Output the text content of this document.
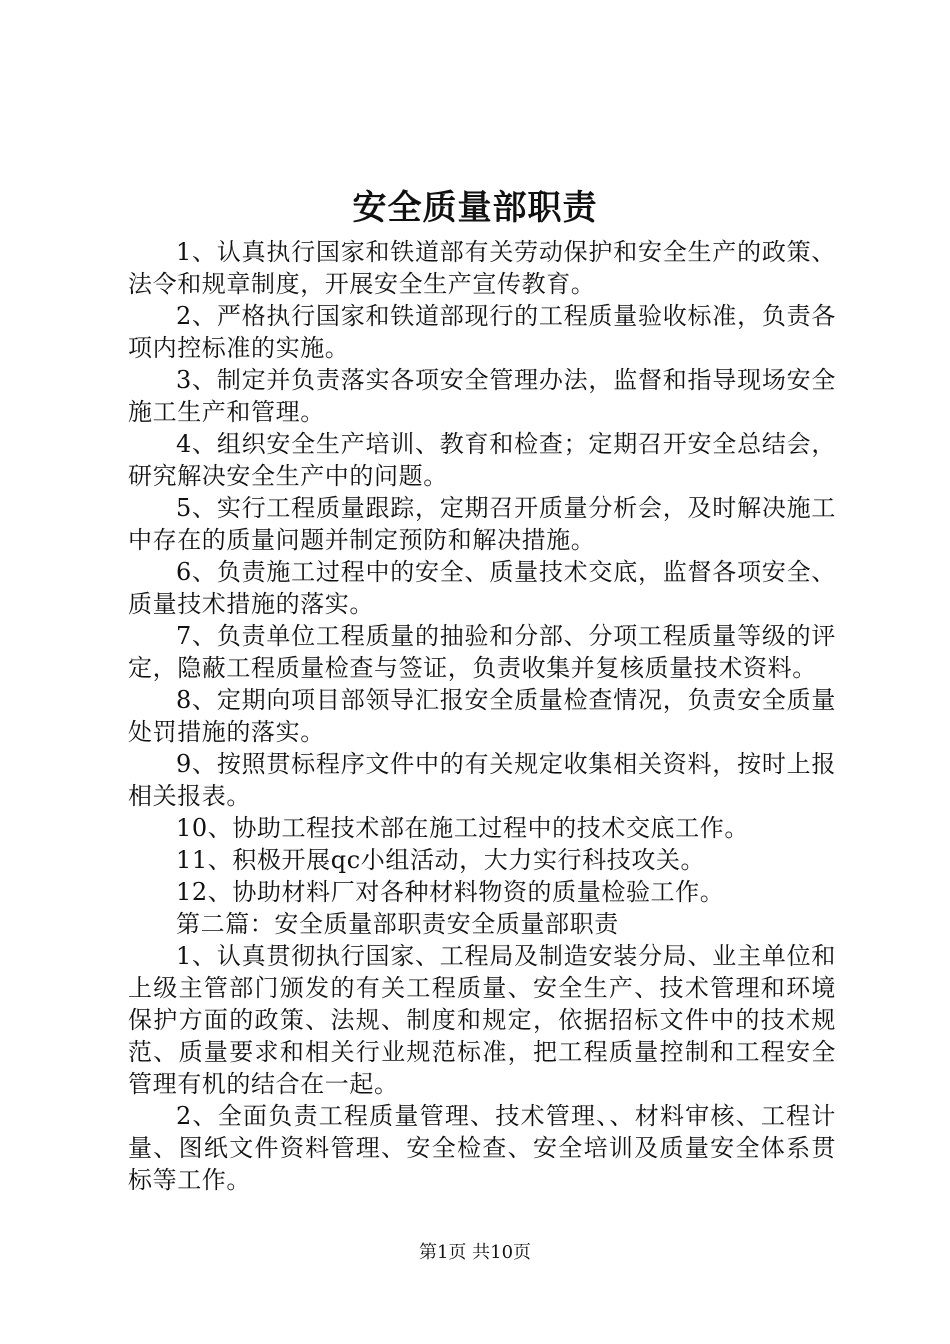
安全质量部职责

1、认真执行国家和铁道部有关劳动保护和安全生产的政策、法令和规章制度，开展安全生产宣传教育。

2、严格执行国家和铁道部现行的工程质量验收标准，负责各项内控标准的实施。

3、制定并负责落实各项安全管理办法，监督和指导现场安全施工生产和管理。

4、组织安全生产培训、教育和检查；定期召开安全总结会，研究解决安全生产中的问题。

5、实行工程质量跟踪，定期召开质量分析会，及时解决施工中存在的质量问题并制定预防和解决措施。

6、负责施工过程中的安全、质量技术交底，监督各项安全、质量技术措施的落实。

7、负责单位工程质量的抽验和分部、分项工程质量等级的评定，隐蔽工程质量检查与签证，负责收集并复核质量技术资料。

8、定期向项目部领导汇报安全质量检查情况，负责安全质量处罚措施的落实。

9、按照贯标程序文件中的有关规定收集相关资料，按时上报相关报表。

10、协助工程技术部在施工过程中的技术交底工作。

11、积极开展qc小组活动，大力实行科技攻关。

12、协助材料厂对各种材料物资的质量检验工作。

第二篇：安全质量部职责安全质量部职责

1、认真贯彻执行国家、工程局及制造安装分局、业主单位和上级主管部门颁发的有关工程质量、安全生产、技术管理和环境保护方面的政策、法规、制度和规定，依据招标文件中的技术规范、质量要求和相关行业规范标准，把工程质量控制和工程安全管理有机的结合在一起。

2、全面负责工程质量管理、技术管理、、材料审核、工程计量、图纸文件资料管理、安全检查、安全培训及质量安全体系贯标等工作。

第1页 共10页
